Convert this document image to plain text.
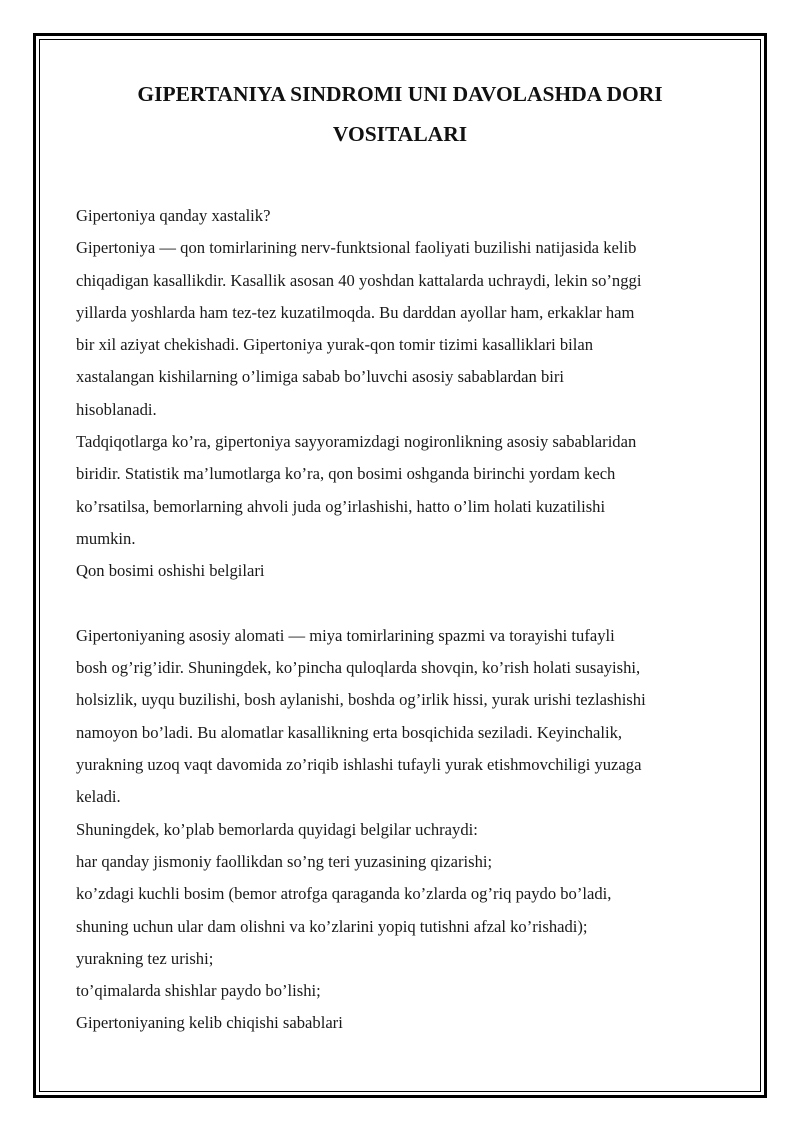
GIPERTANIYA SINDROMI UNI DAVOLASHDA DORI
VOSITALARI
Gipertoniya qanday xastalik?
Gipertoniya — qon tomirlarining nerv-funktsional faoliyati buzilishi natijasida kelib
chiqadigan kasallikdir. Kasallik asosan 40 yoshdan kattalarda uchraydi, lekin so’nggi
yillarda yoshlarda ham tez-tez kuzatilmoqda. Bu darddan ayollar ham, erkaklar ham
bir xil aziyat chekishadi. Gipertoniya yurak-qon tomir tizimi kasalliklari bilan
xastalangan kishilarning o’limiga sabab bo’luvchi asosiy sabablardan biri
hisoblanadi.
Tadqiqotlarga ko’ra, gipertoniya sayyoramizdagi nogironlikning asosiy sabablaridan
biridir. Statistik ma’lumotlarga ko’ra, qon bosimi oshganda birinchi yordam kech
ko’rsatilsa, bemorlarning ahvoli juda og’irlashishi, hatto o’lim holati kuzatilishi
mumkin.
Qon bosimi oshishi belgilari
Gipertoniyaning asosiy alomati — miya tomirlarining spazmi va torayishi tufayli
bosh og’rig’idir. Shuningdek, ko’pincha quloqlarda shovqin, ko’rish holati susayishi,
holsizlik, uyqu buzilishi, bosh aylanishi, boshda og’irlik hissi, yurak urishi tezlashishi
namoyon bo’ladi. Bu alomatlar kasallikning erta bosqichida seziladi. Keyinchalik,
yurakning uzoq vaqt davomida zo’riqib ishlashi tufayli yurak etishmovchiligi yuzaga
keladi.
Shuningdek, ko’plab bemorlarda quyidagi belgilar uchraydi:
har qanday jismoniy faollikdan so’ng teri yuzasining qizarishi;
ko’zdagi kuchli bosim (bemor atrofga qaraganda ko’zlarda og’riq paydo bo’ladi,
shuning uchun ular dam olishni va ko’zlarini yopiq tutishni afzal ko’rishadi);
yurakning tez urishi;
to’qimalarda shishlar paydo bo’lishi;
Gipertoniyaning kelib chiqishi sabablari
